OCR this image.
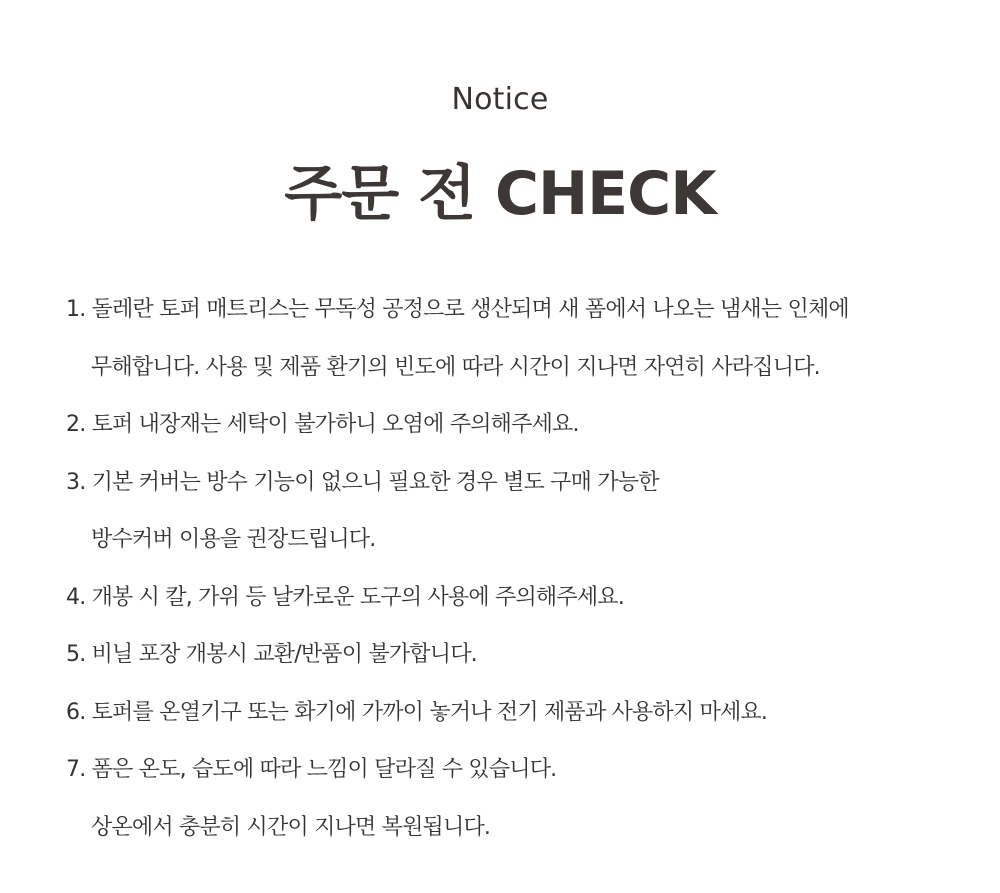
Notice
주문 전 CHECK
1. 돌레란 토퍼 매트리스는 무독성 공정으로 생산되며 새 폼에서 나오는 냄새는 인체에
무해합니다. 사용 및 제품 환기의 빈도에 따라 시간이 지나면 자연히 사라집니다.
2. 토퍼 내장재는 세탁이 불가하니 오염에 주의해주세요.
3. 기본 커버는 방수 기능이 없으니 필요한 경우 별도 구매 가능한
방수커버 이용을 권장드립니다.
4. 개봉 시 칼, 가위 등 날카로운 도구의 사용에 주의해주세요.
5. 비닐 포장 개봉시 교환/반품이 불가합니다.
6. 토퍼를 온열기구 또는 화기에 가까이 놓거나 전기 제품과 사용하지 마세요.
7. 폼은 온도, 습도에 따라 느낌이 달라질 수 있습니다.
상온에서 충분히 시간이 지나면 복원됩니다.
